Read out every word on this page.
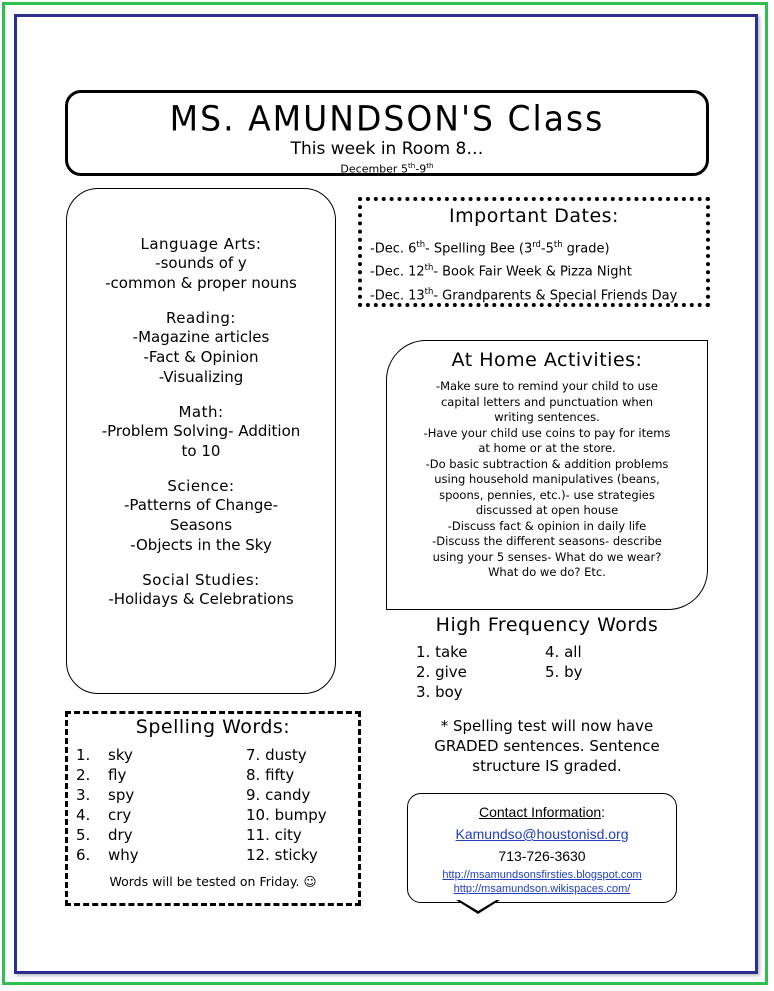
MS. AMUNDSON'S Class
This week in Room 8…
December 5th-9th
Language Arts:
-sounds of y
-common & proper nouns
Reading:
-Magazine articles
-Fact & Opinion
-Visualizing
Math:
-Problem Solving- Addition
to 10
Science:
-Patterns of Change-
Seasons
-Objects in the Sky
Social Studies:
-Holidays & Celebrations
Important Dates:
-Dec. 6th- Spelling Bee (3rd-5th grade)
-Dec. 12th- Book Fair Week & Pizza Night
-Dec. 13th- Grandparents & Special Friends Day
At Home Activities:
-Make sure to remind your child to use
capital letters and punctuation when
writing sentences.
-Have your child use coins to pay for items
at home or at the store.
-Do basic subtraction & addition problems
using household manipulatives (beans,
spoons, pennies, etc.)- use strategies
discussed at open house
-Discuss fact & opinion in daily life
-Discuss the different seasons- describe
using your 5 senses- What do we wear?
What do we do? Etc.
High Frequency Words
1. take
2. give
3. boy
4. all
5. by
* Spelling test will now have
GRADED sentences. Sentence
structure IS graded.
Spelling Words:
1. sky
2. fly
3. spy
4. cry
5. dry
6. why
7. dusty
8. fifty
9. candy
10. bumpy
11. city
12. sticky
Words will be tested on Friday. ☺
Contact Information:
Kamundso@houstonisd.org
713-726-3630
http://msamundsonsfirsties.blogspot.com
http://msamundson.wikispaces.com/
